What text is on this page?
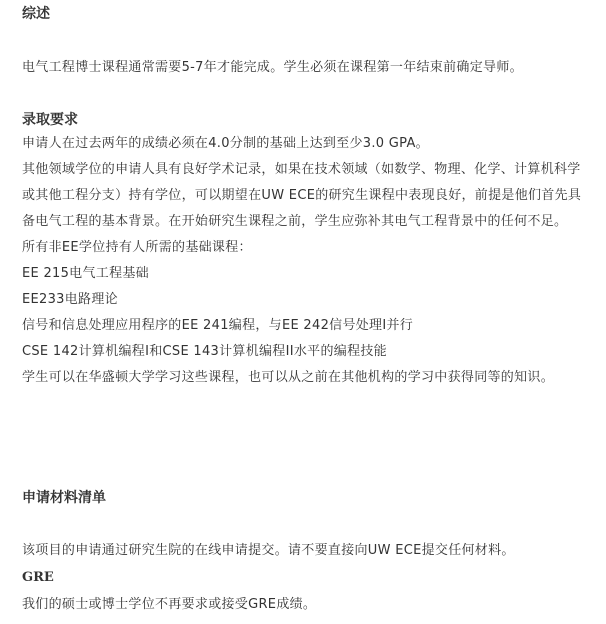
综述

电气工程博士课程通常需要5-7年才能完成。学生必须在课程第一年结束前确定导师。

录取要求
申请人在过去两年的成绩必须在4.0分制的基础上达到至少3.0 GPA。

其他领域学位的申请人具有良好学术记录，如果在技术领域（如数学、物理、化学、计算机科学或其他工程分支）持有学位，可以期望在UW ECE的研究生课程中表现良好，前提是他们首先具备电气工程的基本背景。在开始研究生课程之前，学生应弥补其电气工程背景中的任何不足。

所有非EE学位持有人所需的基础课程：
EE 215电气工程基础
EE233电路理论
信号和信息处理应用程序的EE 241编程，与EE 242信号处理I并行
CSE 142计算机编程I和CSE 143计算机编程II水平的编程技能

学生可以在华盛顿大学学习这些课程，也可以从之前在其他机构的学习中获得同等的知识。

申请材料清单
该项目的申请通过研究生院的在线申请提交。请不要直接向UW ECE提交任何材料。
GRE
我们的硕士或博士学位不再要求或接受GRE成绩。
